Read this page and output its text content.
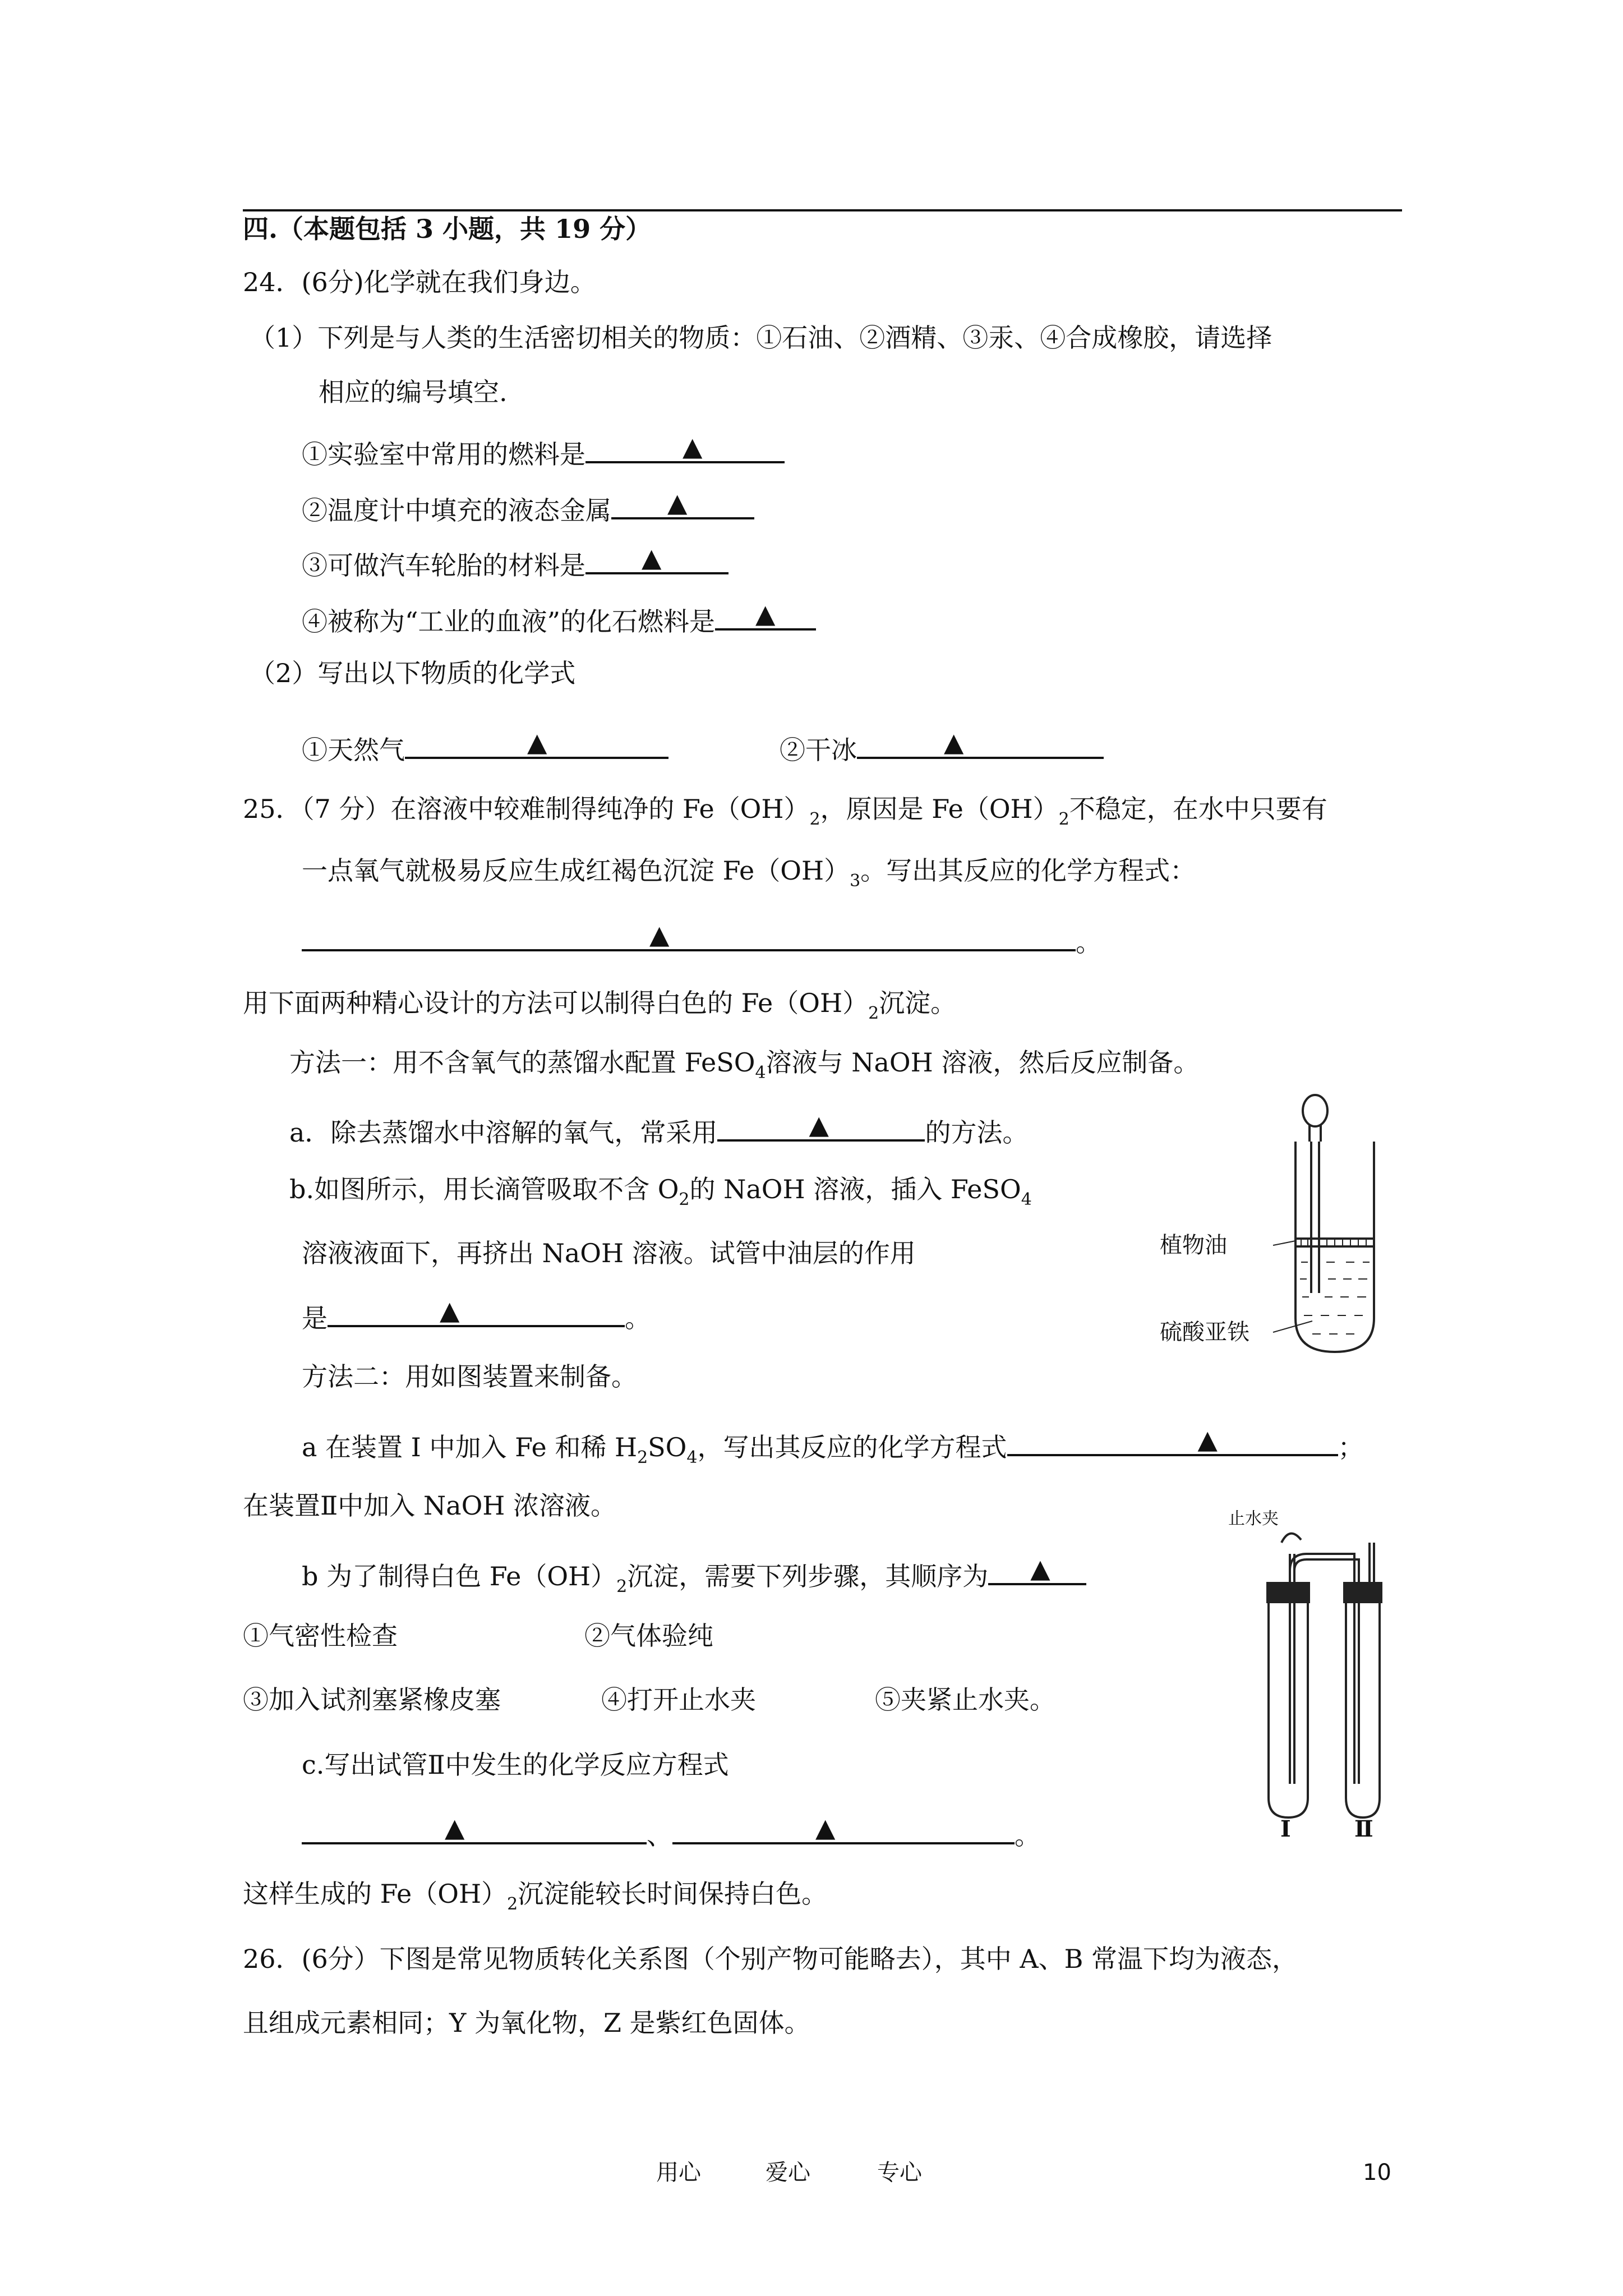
四.（本题包括 3 小题，共 19 分）
24．(6分)化学就在我们身边。
（1）下列是与人类的生活密切相关的物质：①石油、②酒精、③汞、④合成橡胶，请选择
相应的编号填空.
①实验室中常用的燃料是	▲
②温度计中填充的液态金属 ▲
③可做汽车轮胎的材料是 ▲
④被称为“工业的血液”的化石燃料是 ▲
（2）写出以下物质的化学式
①天然气	▲	②干冰	▲
25．（7 分）在溶液中较难制得纯净的 $Fe(OH)_2$，原因是 $Fe(OH)_2$不稳定，在水中只要有
一点氧气就极易反应生成红褐色沉淀 $Fe(OH)_3$。写出其反应的化学方程式：
▲	。
用下面两种精心设计的方法可以制得白色的 $Fe(OH)_2$沉淀。
方法一：用不含氧气的蒸馏水配置 FeSO$_4$溶液与 NaOH 溶液，然后反应制备。
a．除去蒸馏水中溶解的氧气，常采用	▲	的方法。
b.如图所示，用长滴管吸取不含 $O_2$的 NaOH 溶液，插入 FeSO$_4$
溶液液面下，再挤出 NaOH 溶液。试管中油层的作用
是	▲	。
方法二：用如图装置来制备。
a 在装置 Ⅰ 中加入 Fe 和稀 $H_2SO_4$，写出其反应的化学方程式	▲	；
在装置Ⅱ中加入 NaOH 浓溶液。
b 为了制得白色 $Fe(OH)_2$沉淀，需要下列步骤，其顺序为 ▲
①气密性检查	②气体验纯
③加入试剂塞紧橡皮塞	④打开止水夹	⑤夹紧止水夹。
c.写出试管Ⅱ中发生的化学反应方程式
▲	、	▲	。
这样生成的 $Fe(OH)_2$沉淀能较长时间保持白色。
26．(6分）下图是常见物质转化关系图（个别产物可能略去），其中 A、B 常温下均为液态，
且组成元素相同；Y 为氧化物，Z 是紫红色固体。
植物油
硫酸亚铁
止水夹
Ⅰ	Ⅱ
用心	爱心	专心	10
